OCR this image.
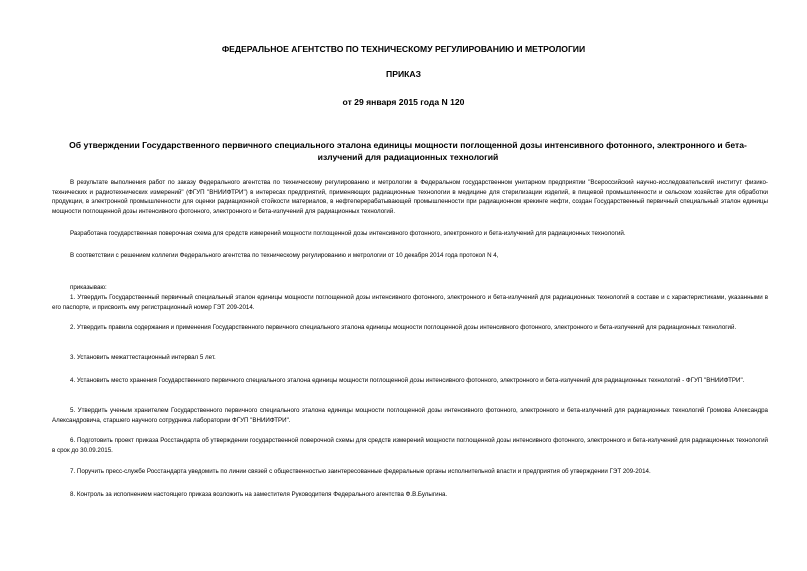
ФЕДЕРАЛЬНОЕ АГЕНТСТВО ПО ТЕХНИЧЕСКОМУ РЕГУЛИРОВАНИЮ И МЕТРОЛОГИИ
ПРИКАЗ
от 29 января 2015 года N 120
Об утверждении Государственного первичного специального эталона единицы мощности поглощенной дозы интенсивного фотонного, электронного и бета-излучений для радиационных технологий
В результате выполнения работ по заказу Федерального агентства по техническому регулированию и метрологии в Федеральном государственном унитарном предприятии "Всероссийский научно-исследовательский институт физико-технических и радиотехнических измерений" (ФГУП "ВНИИФТРИ") в интересах предприятий, применяющих радиационные технологии в медицине для стерилизации изделий, в пищевой промышленности и сельском хозяйстве для обработки продукции, в электронной промышленности для оценки радиационной стойкости материалов, в нефтеперерабатывающей промышленности при радиационном крекинге нефти, создан Государственный первичный специальный эталон единицы мощности поглощенной дозы интенсивного фотонного, электронного и бета-излучений для радиационных технологий.
Разработана государственная поверочная схема для средств измерений мощности поглощенной дозы интенсивного фотонного, электронного и бета-излучений для радиационных технологий.
В соответствии с решением коллегии Федерального агентства по техническому регулированию и метрологии от 10 декабря 2014 года протокол N 4,
приказываю:
1. Утвердить Государственный первичный специальный эталон единицы мощности поглощенной дозы интенсивного фотонного, электронного и бета-излучений для радиационных технологий в составе и с характеристиками, указанными в его паспорте, и присвоить ему регистрационный номер ГЭТ 209-2014.
2. Утвердить правила содержания и применения Государственного первичного специального эталона единицы мощности поглощенной дозы интенсивного фотонного, электронного и бета-излучений для радиационных технологий.
3. Установить межаттестационный интервал 5 лет.
4. Установить место хранения Государственного первичного специального эталона единицы мощности поглощенной дозы интенсивного фотонного, электронного и бета-излучений для радиационных технологий - ФГУП "ВНИИФТРИ".
5. Утвердить ученым хранителем Государственного первичного специального эталона единицы мощности поглощенной дозы интенсивного фотонного, электронного и бета-излучений для радиационных технологий Громова Александра Александровича, старшего научного сотрудника лаборатории ФГУП "ВНИИФТРИ".
6. Подготовить проект приказа Росстандарта об утверждении государственной поверочной схемы для средств измерений мощности поглощенной дозы интенсивного фотонного, электронного и бета-излучений для радиационных технологий в срок до 30.09.2015.
7. Поручить пресс-службе Росстандарта уведомить по линии связей с общественностью заинтересованные федеральные органы исполнительной власти и предприятия об утверждении ГЭТ 209-2014.
8. Контроль за исполнением настоящего приказа возложить на заместителя Руководителя Федерального агентства Ф.В.Булыгина.
